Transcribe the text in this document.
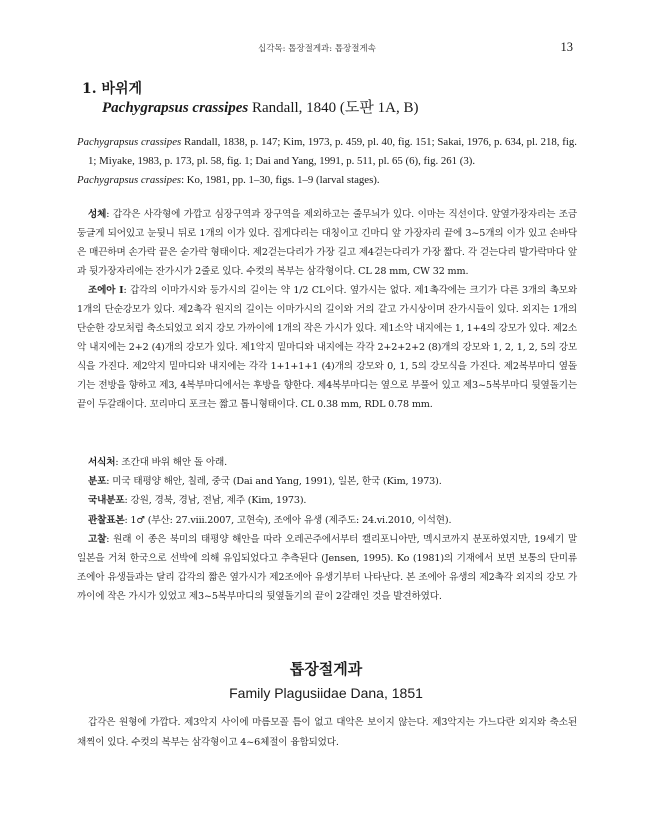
십각목: 톱장절게과: 톱장절게속	13
1. 바위게
Pachygrapsus crassipes Randall, 1840 (도판 1A, B)
Pachygrapsus crassipes Randall, 1838, p. 147; Kim, 1973, p. 459, pl. 40, fig. 151; Sakai, 1976, p. 634, pl. 218, fig. 1; Miyake, 1983, p. 173, pl. 58, fig. 1; Dai and Yang, 1991, p. 511, pl. 65 (6), fig. 261 (3).
Pachygrapsus crassipes: Ko, 1981, pp. 1–30, figs. 1–9 (larval stages).

성체: 갑각은 사각형에 가깝고 심장구역과 장구역을 제외하고는 줄무늬가 있다. 이마는 직선이다. 앞옆가장자리는 조금 둥글게 되어있고 눈뒷니 뒤로 1개의 이가 있다. 집게다리는 대칭이고 긴마디 앞 가장자리 끝에 3~5개의 이가 있고 손바닥은 매끈하며 손가락 끝은 숟가락 형태이다. 제2걷는다리가 가장 길고 제4걷는다리가 가장 짧다. 각 걷는다리 발가락마다 앞과 뒷가장자리에는 잔가시가 2줄로 있다. 수컷의 복부는 삼각형이다. CL 28 mm, CW 32 mm.

조에아 I: 갑각의 이마가시와 등가시의 길이는 약 1/2 CL이다. 옆가시는 없다. 제1촉각에는 크기가 다른 3개의 촉모와 1개의 단순강모가 있다. 제2촉각 원지의 길이는 이마가시의 길이와 거의 같고 가시상이며 잔가시들이 있다. 외지는 1개의 단순한 강모처럼 축소되었고 외지 강모 가까이에 1개의 작은 가시가 있다. 제1소악 내지에는 1, 1+4의 강모가 있다. 제2소악 내지에는 2+2 (4)개의 강모가 있다. 제1악지 밑마디와 내지에는 각각 2+2+2+2 (8)개의 강모와 1, 2, 1, 2, 5의 강모식을 가진다. 제2악지 밑마디와 내지에는 각각 1+1+1+1 (4)개의 강모와 0, 1, 5의 강모식을 가진다. 제2복부마디 옆돌기는 전방을 향하고 제3, 4복부마디에서는 후방을 향한다. 제4복부마디는 옆으로 부풀어 있고 제3~5복부마디 뒷옆돌기는 끝이 두갈래이다. 꼬리마디 포크는 짧고 톱니형태이다. CL 0.38 mm, RDL 0.78 mm.

서식처: 조간대 바위 해안 돌 아래.

분포: 미국 태평양 해안, 칠레, 중국 (Dai and Yang, 1991), 일본, 한국 (Kim, 1973).

국내분포: 강원, 경북, 경남, 전남, 제주 (Kim, 1973).

관찰표본: 1♂ (부산: 27.viii.2007, 고현숙), 조에아 유생 (제주도: 24.vi.2010, 이석현).

고찰: 원래 이 종은 북미의 태평양 해안을 따라 오레곤주에서부터 캘리포니아만, 멕시코까지 분포하였지만, 19세기 말 일본을 거쳐 한국으로 선박에 의해 유입되었다고 추측된다 (Jensen, 1995). Ko (1981)의 기재에서 보면 보통의 단미류 조에아 유생들과는 달리 갑각의 짧은 옆가시가 제2조에아 유생기부터 나타난다. 본 조에아 유생의 제2촉각 외지의 강모 가까이에 작은 가시가 있었고 제3~5복부마디의 뒷옆돌기의 끝이 2갈래인 것을 발견하였다.

톱장절게과
Family Plagusiidae Dana, 1851

갑각은 원형에 가깝다. 제3악지 사이에 마름모꼴 틈이 없고 대악은 보이지 않는다. 제3악지는 가느다란 외지와 축소된 채찍이 있다. 수컷의 복부는 삼각형이고 4~6체절이 융합되었다.
